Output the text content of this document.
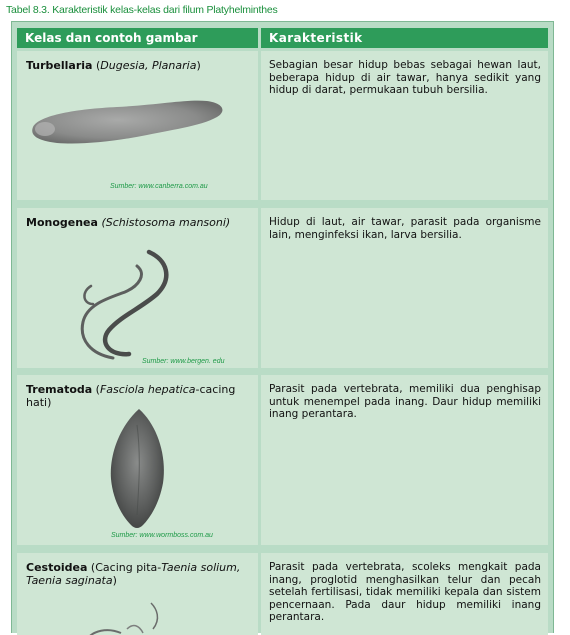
Tabel 8.3. Karakteristik kelas-kelas dari filum Platyhelminthes
Kelas dan contoh gambar	Karakteristik
Turbellaria (Dugesia, Planaria)
Sumber: www.canberra.com.au
Sebagian besar hidup bebas sebagai hewan laut, beberapa hidup di air tawar, hanya sedikit yang hidup di darat, permukaan tubuh bersilia.
Monogenea (Schistosoma mansoni)
Sumber: www.bergen. edu
Hidup di laut, air tawar, parasit pada organisme lain, menginfeksi ikan, larva bersilia.
Trematoda (Fasciola hepatica-cacing hati)
Sumber: www.wormboss.com.au
Parasit pada vertebrata, memiliki dua penghisap untuk menempel pada inang. Daur hidup memiliki inang perantara.
Cestoidea (Cacing pita-Taenia solium, Taenia saginata)
Parasit pada vertebrata, scoleks mengkait pada inang, proglotid menghasilkan telur dan pecah setelah fertilisasi, tidak memiliki kepala dan sistem pencernaan. Pada daur hidup memiliki inang perantara.
